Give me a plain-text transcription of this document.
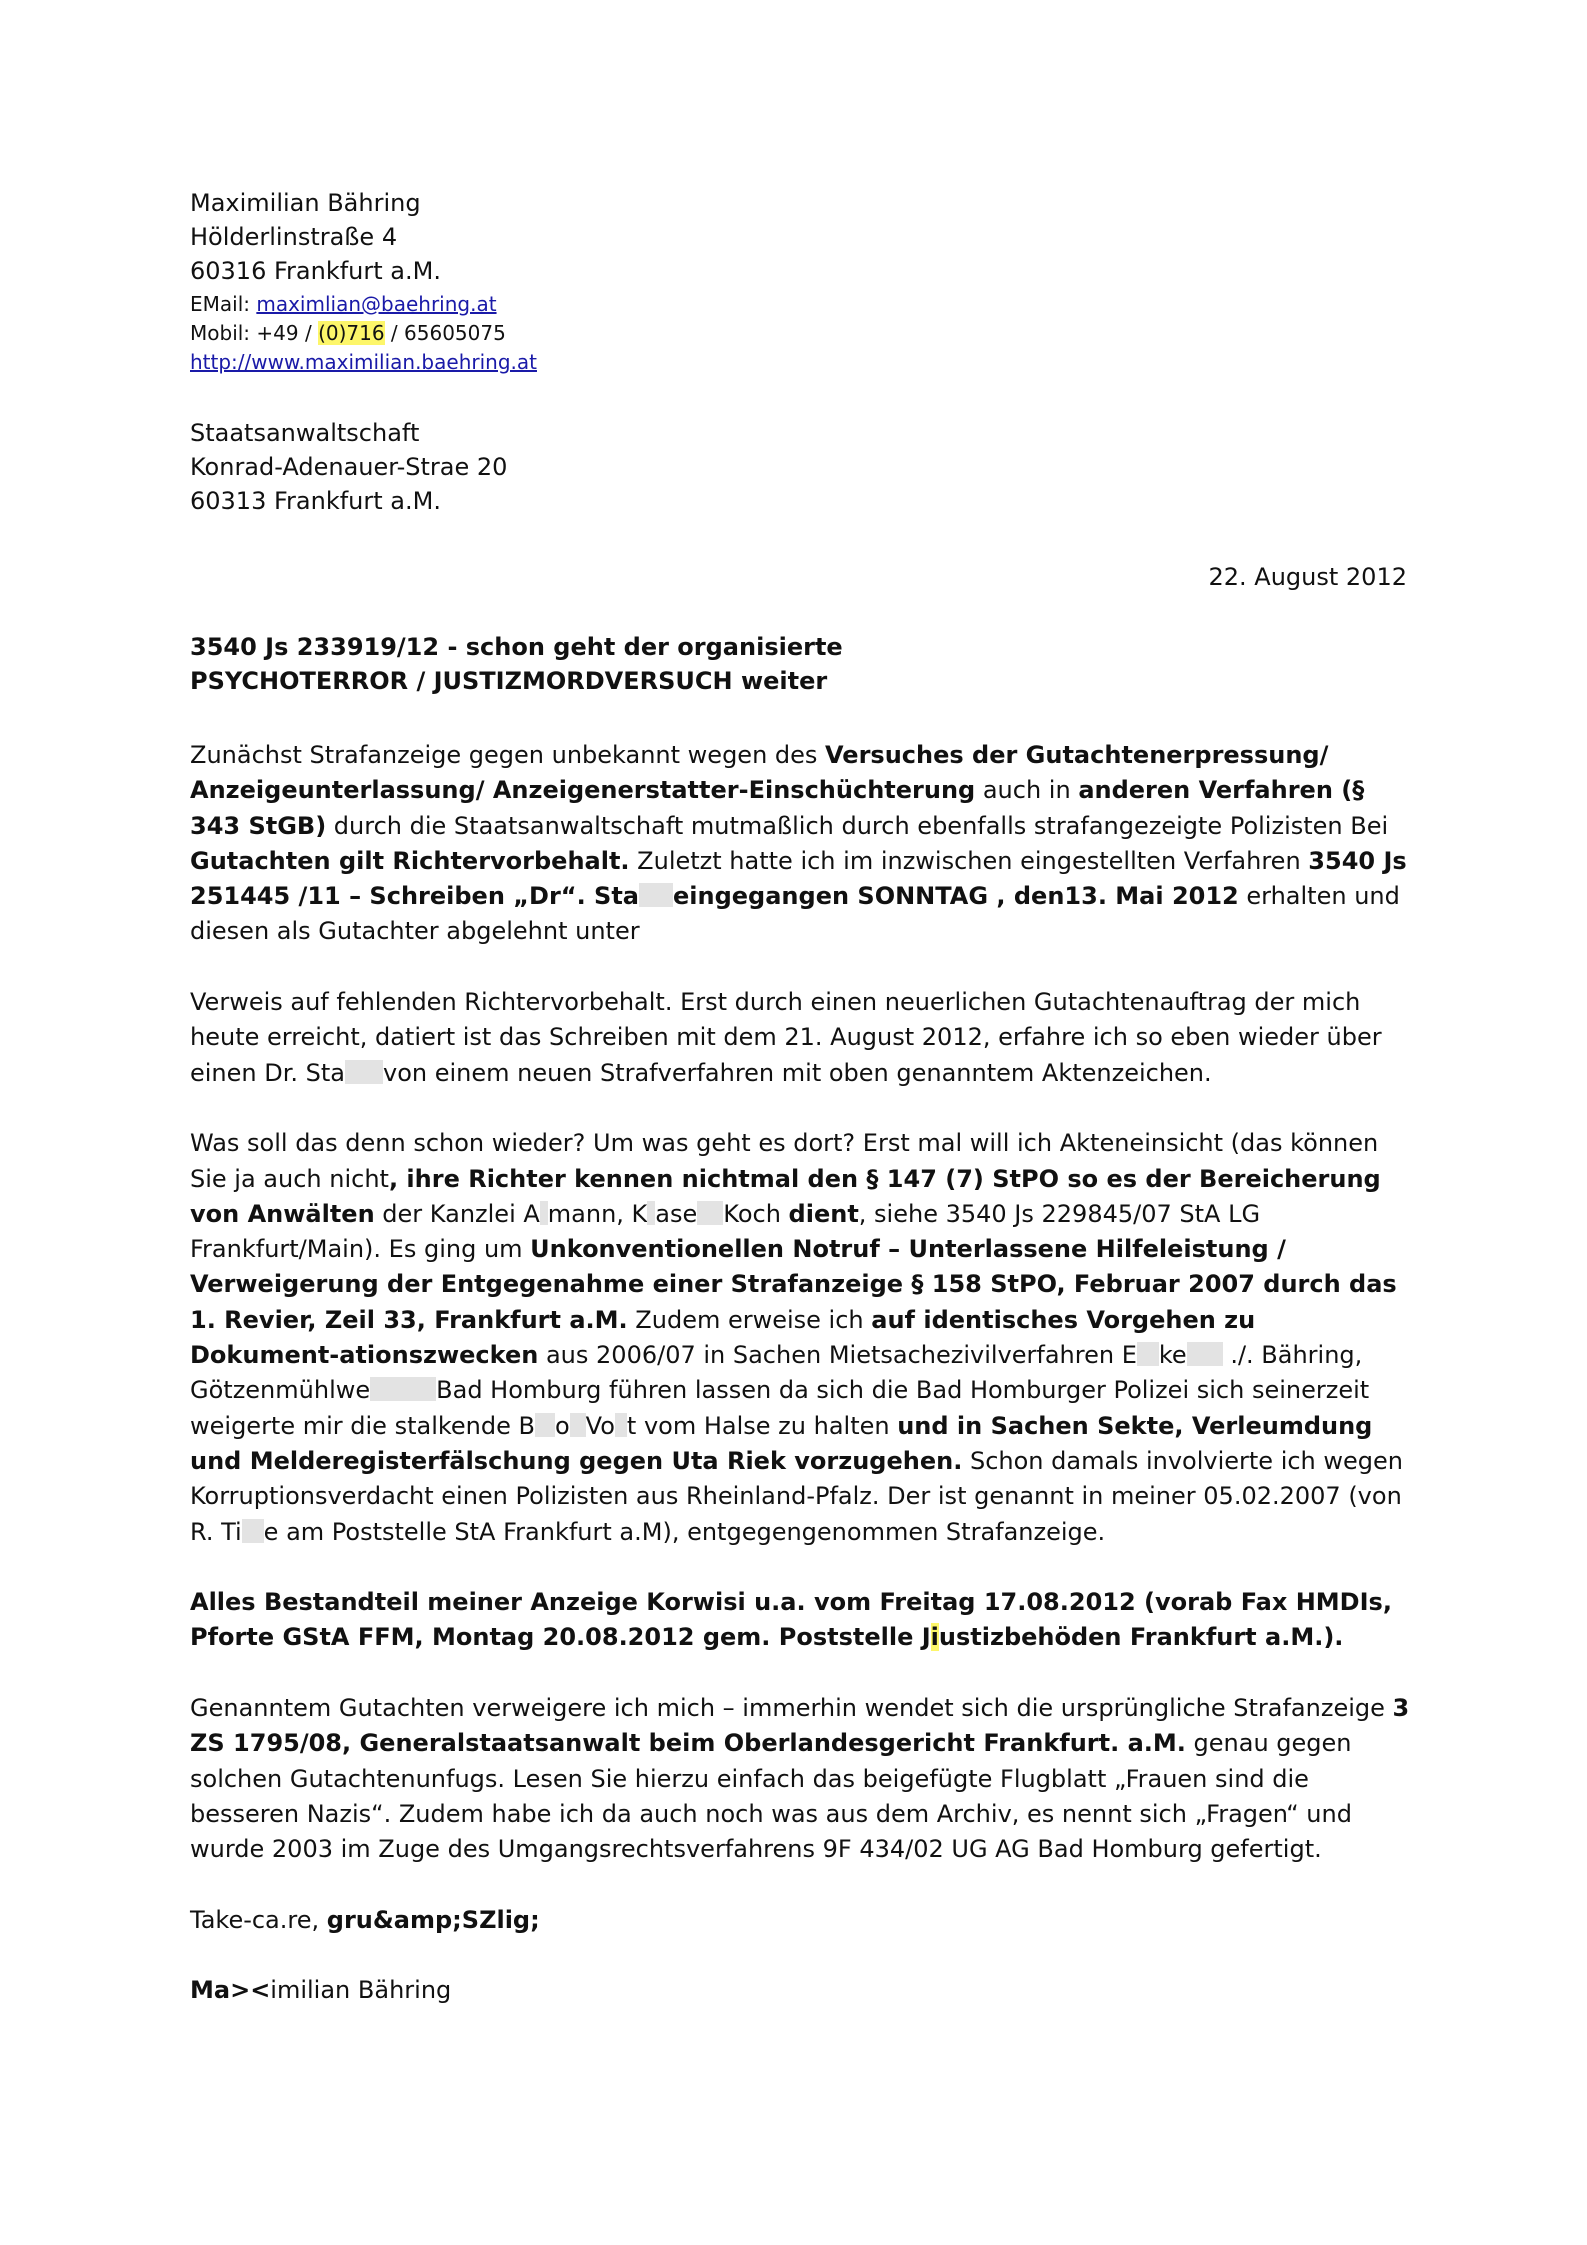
Maximilian Bähring
Hölderlinstraße 4
60316 Frankfurt a.M.
EMail: maximlian@baehring.at
Mobil: +49 / (0)716 / 65605075
http://www.maximilian.baehring.at
Staatsanwaltschaft
Konrad-Adenauer-Strae 20
60313 Frankfurt a.M.
22. August 2012
3540 Js 233919/12 - schon geht der organisierte
PSYCHOTERROR / JUSTIZMORDVERSUCH weiter

Zunächst Strafanzeige gegen unbekannt wegen des Versuches der Gutachtenerpressung/ Anzeigeunterlassung/ Anzeigenerstatter-Einschüchterung auch in anderen Verfahren (§ 343 StGB) durch die Staatsanwaltschaft mutmaßlich durch ebenfalls strafangezeigte Polizisten Bei Gutachten gilt Richtervorbehalt. Zuletzt hatte ich im inzwischen eingestellten Verfahren 3540 Js 251445 /11 – Schreiben „Dr“. Sta eingegangen SONNTAG , den13. Mai 2012 erhalten und diesen als Gutachter abgelehnt unter

Verweis auf fehlenden Richtervorbehalt. Erst durch einen neuerlichen Gutachtenauftrag der mich heute erreicht, datiert ist das Schreiben mit dem 21. August 2012, erfahre ich so eben wieder über einen Dr. Sta von einem neuen Strafverfahren mit oben genanntem Aktenzeichen.

Was soll das denn schon wieder? Um was geht es dort? Erst mal will ich Akteneinsicht (das können Sie ja auch nicht, ihre Richter kennen nichtmal den § 147 (7) StPO so es der Bereicherung von Anwälten der Kanzlei A mann, K ase Koch dient, siehe 3540 Js 229845/07 StA LG Frankfurt/Main). Es ging um Unkonventionellen Notruf – Unterlassene Hilfeleistung / Verweigerung der Entgegenahme einer Strafanzeige § 158 StPO, Februar 2007 durch das 1. Revier, Zeil 33, Frankfurt a.M. Zudem erweise ich auf identisches Vorgehen zu Dokument-ationszwecken aus 2006/07 in Sachen Mietsachezivilverfahren E ke ./. Bähring, Götzenmühlwe	Bad Homburg führen lassen da sich die Bad Homburger Polizei sich seinerzeit weigerte mir die stalkende B o Vo t vom Halse zu halten und in Sachen Sekte, Verleumdung und Melderegisterfälschung gegen Uta Riek vorzugehen. Schon damals involvierte ich wegen Korruptionsverdacht einen Polizisten aus Rheinland-Pfalz. Der ist genannt in meiner 05.02.2007 (von R. Ti e am Poststelle StA Frankfurt a.M), entgegengenommen Strafanzeige.

Alles Bestandteil meiner Anzeige Korwisi u.a. vom Freitag 17.08.2012 (vorab Fax HMDIs, Pforte GStA FFM, Montag 20.08.2012 gem. Poststelle Jiustizbehöden Frankfurt a.M.).

Genanntem Gutachten verweigere ich mich – immerhin wendet sich die ursprüngliche Strafanzeige 3 ZS 1795/08, Generalstaatsanwalt beim Oberlandesgericht Frankfurt. a.M. genau gegen solchen Gutachtenunfugs. Lesen Sie hierzu einfach das beigefügte Flugblatt „Frauen sind die besseren Nazis“. Zudem habe ich da auch noch was aus dem Archiv, es nennt sich „Fragen“ und wurde 2003 im Zuge des Umgangsrechtsverfahrens 9F 434/02 UG AG Bad Homburg gefertigt.

Take-ca.re, gru&amp;SZlig;

Ma><imilian Bähring
